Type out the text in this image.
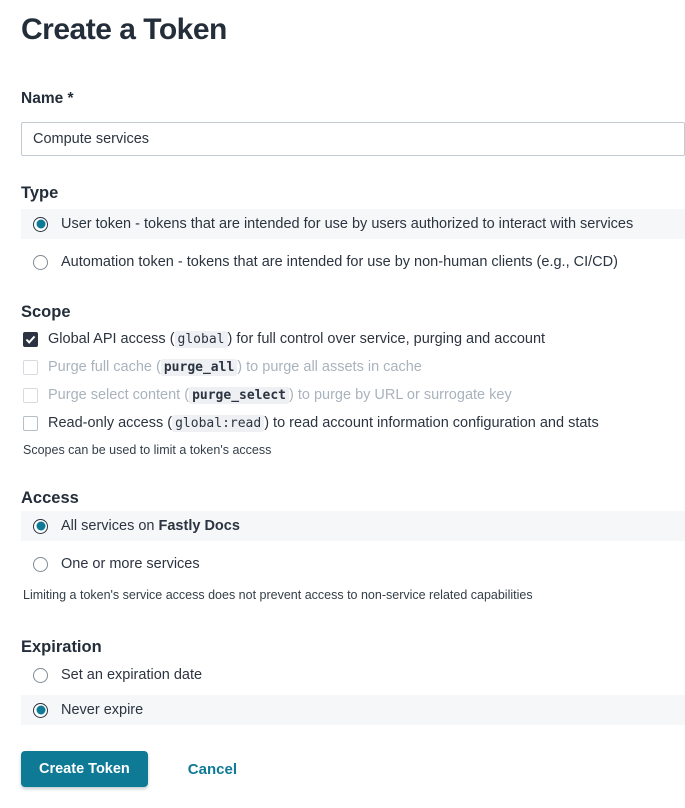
Create a Token
Name *
Compute services
Type
User token - tokens that are intended for use by users authorized to interact with services
Automation token - tokens that are intended for use by non-human clients (e.g., CI/CD)
Scope
Global API access ( global ) for full control over service, purging and account
Purge full cache ( purge_all ) to purge all assets in cache
Purge select content ( purge_select ) to purge by URL or surrogate key
Read-only access ( global:read ) to read account information configuration and stats
Scopes can be used to limit a token's access
Access
All services on Fastly Docs
One or more services
Limiting a token's service access does not prevent access to non-service related capabilities
Expiration
Set an expiration date
Never expire
Create Token	Cancel
